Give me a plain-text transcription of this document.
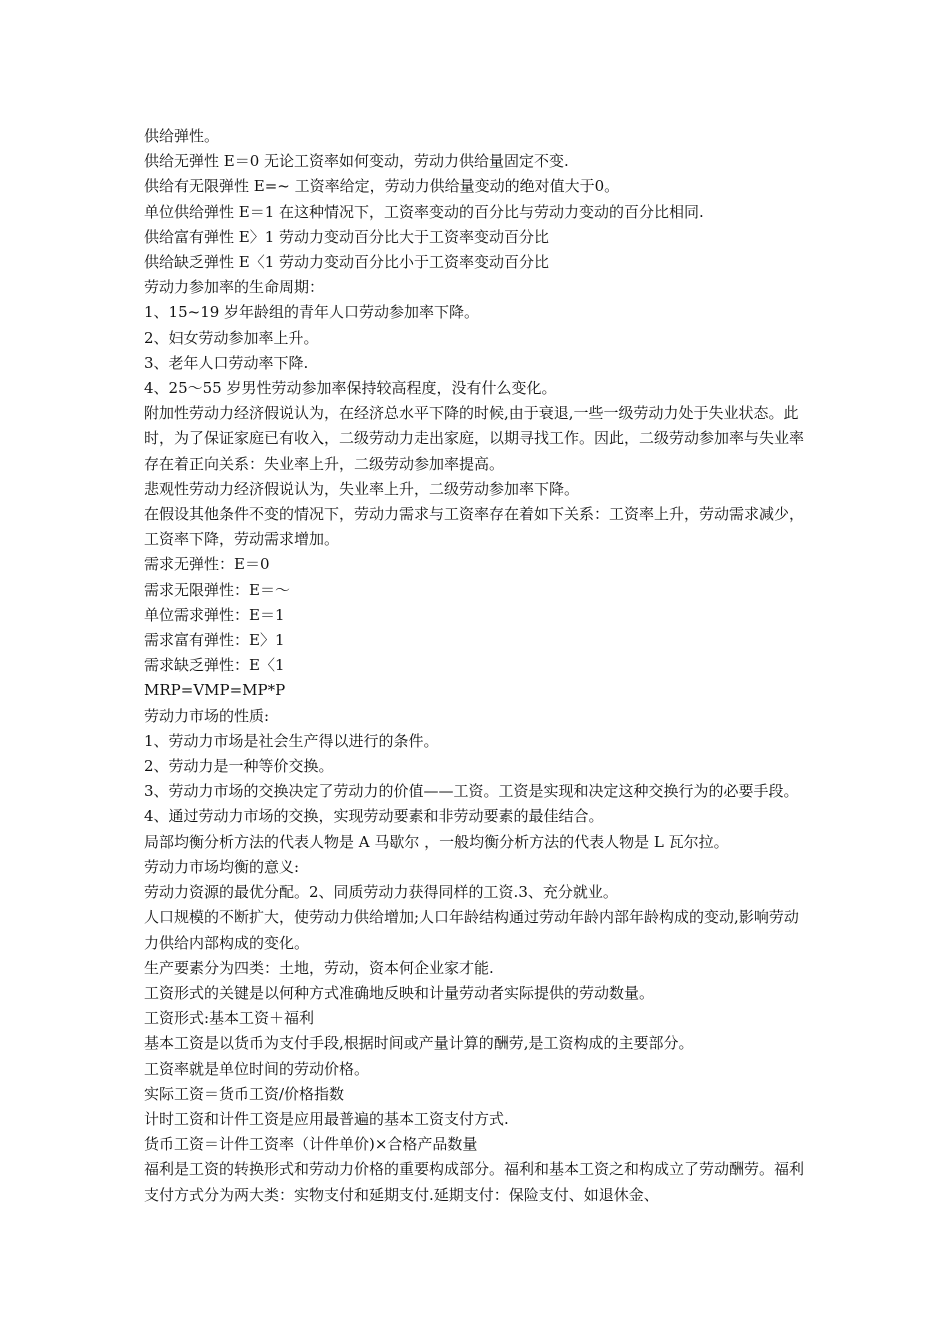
供给弹性。

供给无弹性 E＝0 无论工资率如何变动，劳动力供给量固定不变.

供给有无限弹性 E=~ 工资率给定，劳动力供给量变动的绝对值大于0。

单位供给弹性 E＝1 在这种情况下，工资率变动的百分比与劳动力变动的百分比相同.

供给富有弹性 E〉1 劳动力变动百分比大于工资率变动百分比

供给缺乏弹性 E〈1 劳动力变动百分比小于工资率变动百分比

劳动力参加率的生命周期：

1、15~19 岁年龄组的青年人口劳动参加率下降。

2、妇女劳动参加率上升。

3、老年人口劳动率下降.

4、25～55 岁男性劳动参加率保持较高程度，没有什么变化。

附加性劳动力经济假说认为，在经济总水平下降的时候,由于衰退,一些一级劳动力处于失业状态。此时，为了保证家庭已有收入，二级劳动力走出家庭，以期寻找工作。因此，二级劳动参加率与失业率存在着正向关系：失业率上升，二级劳动参加率提高。

悲观性劳动力经济假说认为，失业率上升，二级劳动参加率下降。

在假设其他条件不变的情况下，劳动力需求与工资率存在着如下关系：工资率上升，劳动需求减少，工资率下降，劳动需求增加。

需求无弹性：E＝0

需求无限弹性：E＝～

单位需求弹性：E＝1

需求富有弹性：E〉1

需求缺乏弹性：E〈1

MRP=VMP=MP*P

劳动力市场的性质:

1、劳动力市场是社会生产得以进行的条件。

2、劳动力是一种等价交换。

3、劳动力市场的交换决定了劳动力的价值——工资。工资是实现和决定这种交换行为的必要手段。

4、通过劳动力市场的交换，实现劳动要素和非劳动要素的最佳结合。

局部均衡分析方法的代表人物是 A 马歇尔 ，一般均衡分析方法的代表人物是 L 瓦尔拉。

劳动力市场均衡的意义:

劳动力资源的最优分配。2、同质劳动力获得同样的工资.3、充分就业。

人口规模的不断扩大，使劳动力供给增加;人口年龄结构通过劳动年龄内部年龄构成的变动,影响劳动力供给内部构成的变化。

生产要素分为四类：土地，劳动，资本何企业家才能.

工资形式的关键是以何种方式准确地反映和计量劳动者实际提供的劳动数量。

工资形式:基本工资＋福利

基本工资是以货币为支付手段,根据时间或产量计算的酬劳,是工资构成的主要部分。

工资率就是单位时间的劳动价格。

实际工资＝货币工资/价格指数

计时工资和计件工资是应用最普遍的基本工资支付方式.

货币工资＝计件工资率（计件单价)×合格产品数量

福利是工资的转换形式和劳动力价格的重要构成部分。福利和基本工资之和构成立了劳动酬劳。福利支付方式分为两大类：实物支付和延期支付.延期支付：保险支付、如退休金、
